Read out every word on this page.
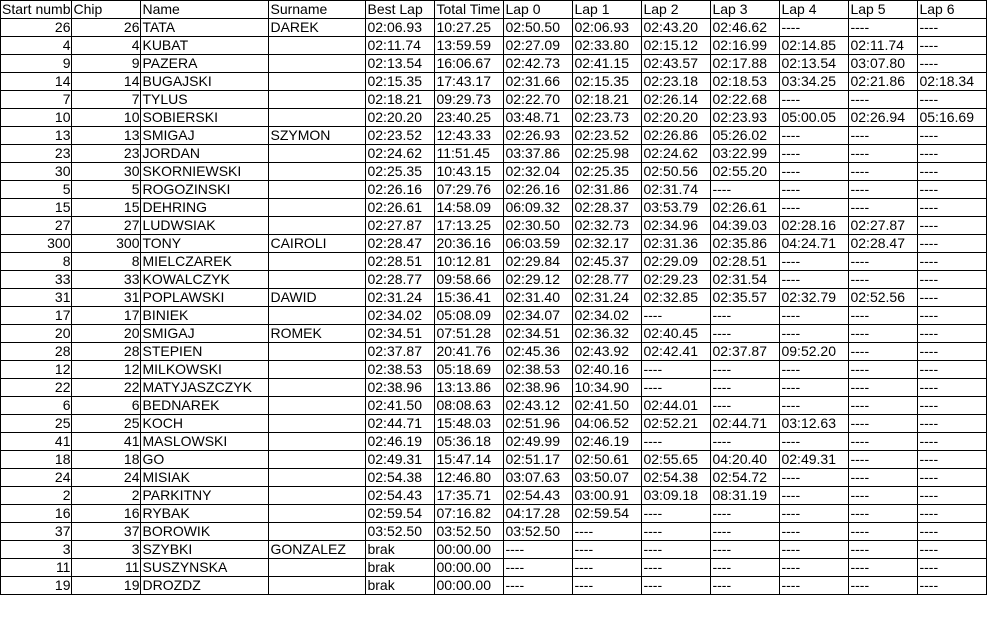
Start numb	Chip	Name	Surname	Best Lap	Total Time	Lap 0	Lap 1	Lap 2	Lap 3	Lap 4	Lap 5	Lap 6
26	26	TATA	DAREK	02:06.93	10:27.25	02:50.50	02:06.93	02:43.20	02:46.62	----	----	----
4	4	KUBAT		02:11.74	13:59.59	02:27.09	02:33.80	02:15.12	02:16.99	02:14.85	02:11.74	----
9	9	PAZERA		02:13.54	16:06.67	02:42.73	02:41.15	02:43.57	02:17.88	02:13.54	03:07.80	----
14	14	BUGAJSKI		02:15.35	17:43.17	02:31.66	02:15.35	02:23.18	02:18.53	03:34.25	02:21.86	02:18.34
7	7	TYLUS		02:18.21	09:29.73	02:22.70	02:18.21	02:26.14	02:22.68	----	----	----
10	10	SOBIERSKI		02:20.20	23:40.25	03:48.71	02:23.73	02:20.20	02:23.93	05:00.05	02:26.94	05:16.69
13	13	SMIGAJ	SZYMON	02:23.52	12:43.33	02:26.93	02:23.52	02:26.86	05:26.02	----	----	----
23	23	JORDAN		02:24.62	11:51.45	03:37.86	02:25.98	02:24.62	03:22.99	----	----	----
30	30	SKORNIEWSKI		02:25.35	10:43.15	02:32.04	02:25.35	02:50.56	02:55.20	----	----	----
5	5	ROGOZINSKI		02:26.16	07:29.76	02:26.16	02:31.86	02:31.74	----	----	----	----
15	15	DEHRING		02:26.61	14:58.09	06:09.32	02:28.37	03:53.79	02:26.61	----	----	----
27	27	LUDWSIAK		02:27.87	17:13.25	02:30.50	02:32.73	02:34.96	04:39.03	02:28.16	02:27.87	----
300	300	TONY	CAIROLI	02:28.47	20:36.16	06:03.59	02:32.17	02:31.36	02:35.86	04:24.71	02:28.47	----
8	8	MIELCZAREK		02:28.51	10:12.81	02:29.84	02:45.37	02:29.09	02:28.51	----	----	----
33	33	KOWALCZYK		02:28.77	09:58.66	02:29.12	02:28.77	02:29.23	02:31.54	----	----	----
31	31	POPLAWSKI	DAWID	02:31.24	15:36.41	02:31.40	02:31.24	02:32.85	02:35.57	02:32.79	02:52.56	----
17	17	BINIEK		02:34.02	05:08.09	02:34.07	02:34.02	----	----	----	----	----
20	20	SMIGAJ	ROMEK	02:34.51	07:51.28	02:34.51	02:36.32	02:40.45	----	----	----	----
28	28	STEPIEN		02:37.87	20:41.76	02:45.36	02:43.92	02:42.41	02:37.87	09:52.20	----	----
12	12	MILKOWSKI		02:38.53	05:18.69	02:38.53	02:40.16	----	----	----	----	----
22	22	MATYJASZCZYK		02:38.96	13:13.86	02:38.96	10:34.90	----	----	----	----	----
6	6	BEDNAREK		02:41.50	08:08.63	02:43.12	02:41.50	02:44.01	----	----	----	----
25	25	KOCH		02:44.71	15:48.03	02:51.96	04:06.52	02:52.21	02:44.71	03:12.63	----	----
41	41	MASLOWSKI		02:46.19	05:36.18	02:49.99	02:46.19	----	----	----	----	----
18	18	GO		02:49.31	15:47.14	02:51.17	02:50.61	02:55.65	04:20.40	02:49.31	----	----
24	24	MISIAK		02:54.38	12:46.80	03:07.63	03:50.07	02:54.38	02:54.72	----	----	----
2	2	PARKITNY		02:54.43	17:35.71	02:54.43	03:00.91	03:09.18	08:31.19	----	----	----
16	16	RYBAK		02:59.54	07:16.82	04:17.28	02:59.54	----	----	----	----	----
37	37	BOROWIK		03:52.50	03:52.50	03:52.50	----	----	----	----	----	----
3	3	SZYBKI	GONZALEZ	brak	00:00.00	----	----	----	----	----	----	----
11	11	SUSZYNSKA		brak	00:00.00	----	----	----	----	----	----	----
19	19	DROZDZ		brak	00:00.00	----	----	----	----	----	----	----
